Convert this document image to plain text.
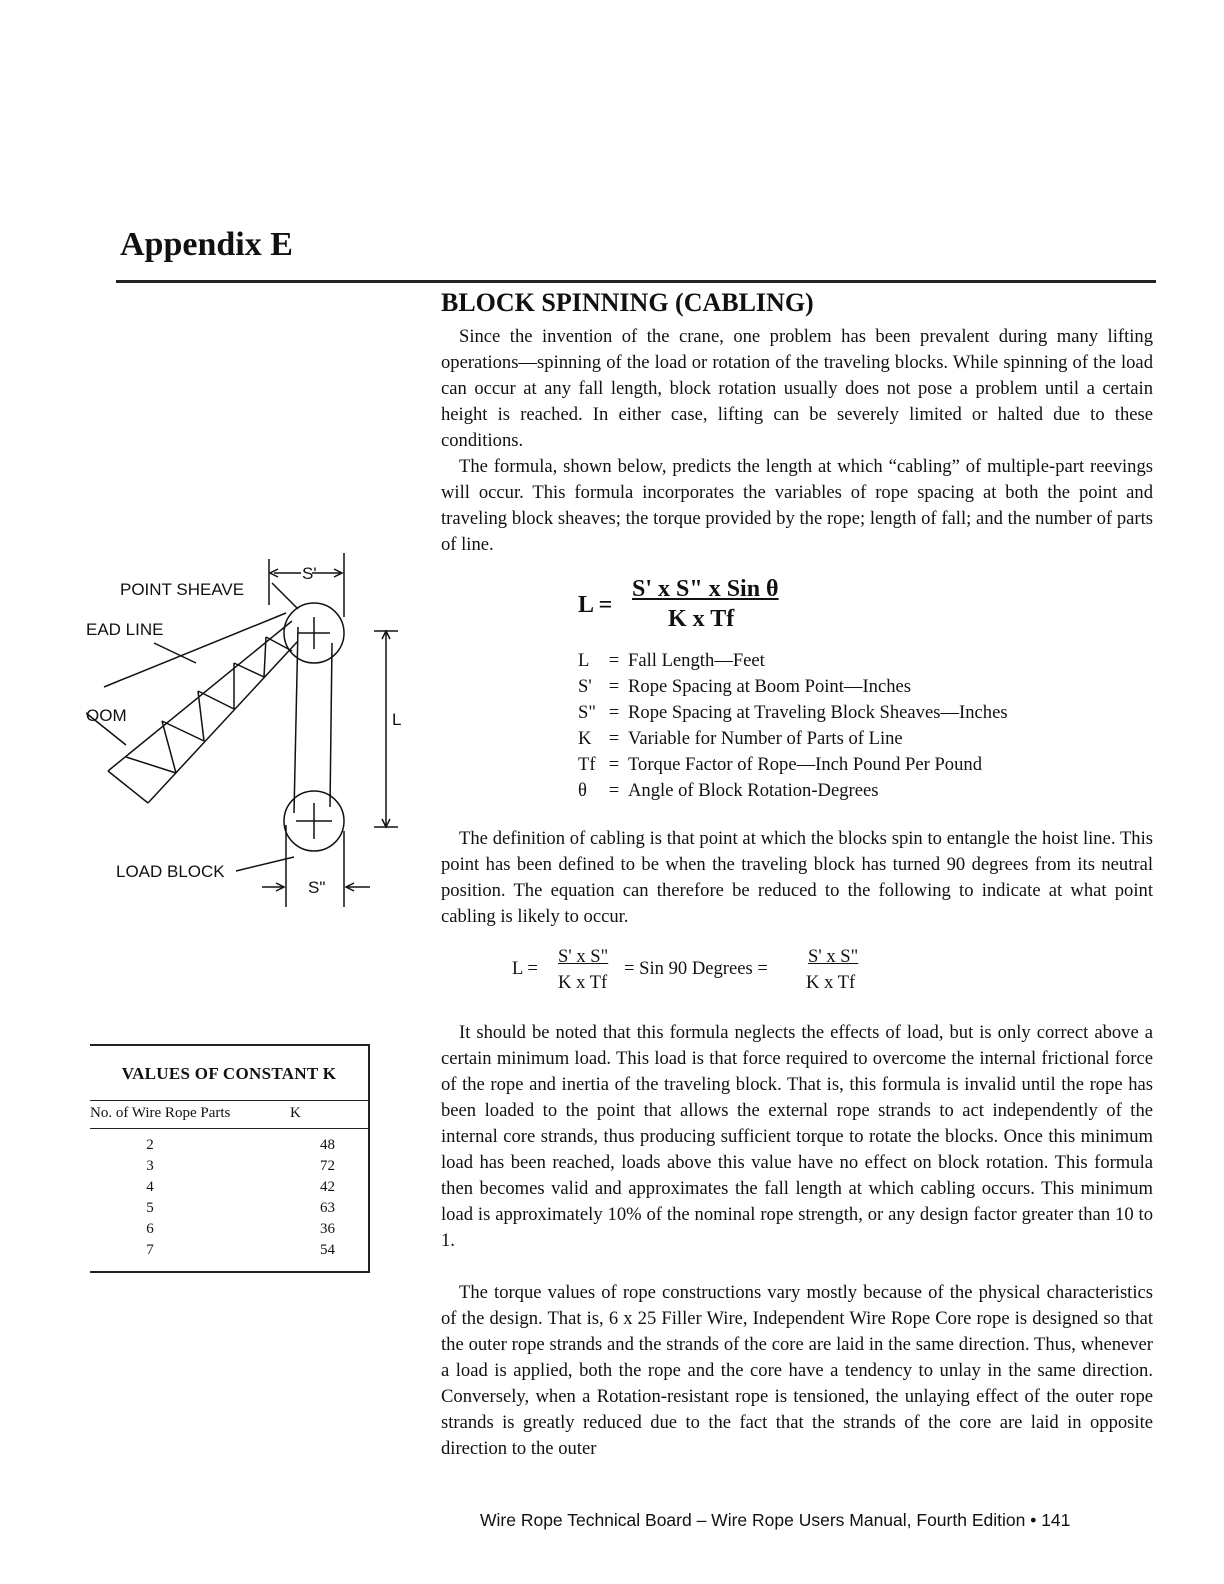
Appendix E
BLOCK SPINNING (CABLING)

Since the invention of the crane, one problem has been prevalent during many lifting operations—spinning of the load or rotation of the traveling blocks. While spinning of the load can occur at any fall length, block rotation usually does not pose a problem until a certain height is reached. In either case, lifting can be severely limited or halted due to these conditions.

The formula, shown below, predicts the length at which “cabling” of multiple-part reevings will occur. This formula incorporates the variables of rope spacing at both the point and traveling block sheaves; the torque provided by the rope; length of fall; and the number of parts of line.

L =
S' x S" x Sin θ
K x Tf
L	= Fall Length—Feet
S' = Rope Spacing at Boom Point—Inches
S" = Rope Spacing at Traveling Block Sheaves—Inches
K = Variable for Number of Parts of Line
Tf = Torque Factor of Rope—Inch Pound Per Pound
θ	= Angle of Block Rotation-Degrees

The definition of cabling is that point at which the blocks spin to entangle the hoist line. This point has been defined to be when the traveling block has turned 90 degrees from its neutral position. The equation can therefore be reduced to the following to indicate at what point cabling is likely to occur.

L =
S' x S"
K x Tf
= Sin 90 Degrees =
S' x S"
K x Tf

It should be noted that this formula neglects the effects of load, but is only correct above a certain minimum load. This load is that force required to overcome the internal frictional force of the rope and inertia of the traveling block. That is, this formula is invalid until the rope has been loaded to the point that allows the external rope strands to act independently of the internal core strands, thus producing sufficient torque to rotate the blocks. Once this minimum load has been reached, loads above this value have no effect on block rotation. This formula then becomes valid and approximates the fall length at which cabling occurs. This minimum load is approximately 10% of the nominal rope strength, or any design factor greater than 10 to 1.

The torque values of rope constructions vary mostly because of the physical characteristics of the design. That is, 6 x 25 Filler Wire, Independent Wire Rope Core rope is designed so that the outer rope strands and the strands of the core are laid in the same direction. Thus, whenever a load is applied, both the rope and the core have a tendency to unlay in the same direction. Conversely, when a Rotation-resistant rope is tensioned, the unlaying effect of the outer rope strands is greatly reduced due to the fact that the strands of the core are laid in opposite direction to the outer

POINT SHEAVE
EAD LINE
OOM
LOAD BLOCK
S'
S"
L
VALUES OF CONSTANT K
No. of Wire Rope Parts	K
2	48
3	72
4	42
5	63
6	36
7	54
Wire Rope Technical Board – Wire Rope Users Manual, Fourth Edition • 141
